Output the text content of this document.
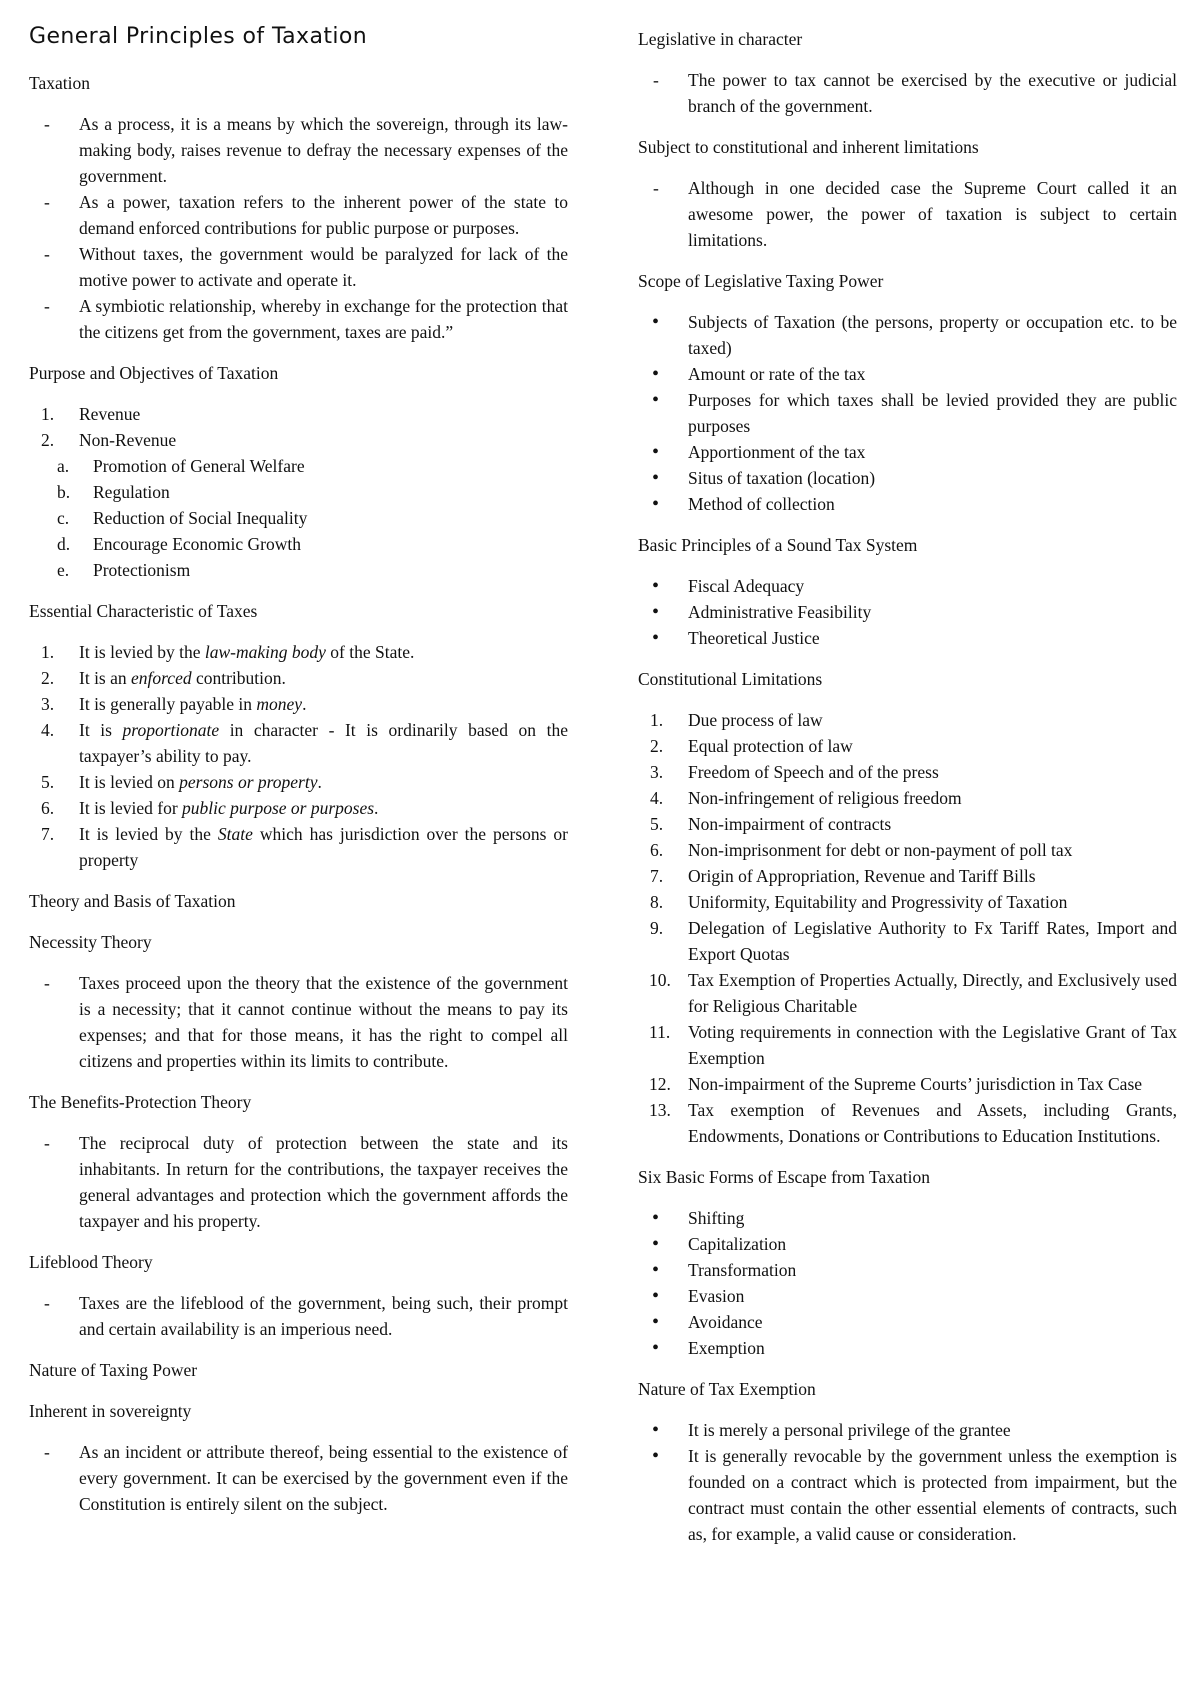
General Principles of Taxation

Taxation

-	As a process, it is a means by which the sovereign, through its law-making body, raises revenue to defray the necessary expenses of the government.
-	As a power, taxation refers to the inherent power of the state to demand enforced contributions for public purpose or purposes.
-	Without taxes, the government would be paralyzed for lack of the motive power to activate and operate it.
-	A symbiotic relationship, whereby in exchange for the protection that the citizens get from the government, taxes are paid.”

Purpose and Objectives of Taxation

1.	Revenue
2.	Non-Revenue
a.	Promotion of General Welfare
b.	Regulation
c.	Reduction of Social Inequality
d.	Encourage Economic Growth
e.	Protectionism

Essential Characteristic of Taxes

1.	It is levied by the law-making body of the State.
2.	It is an enforced contribution.
3.	It is generally payable in money.
4.	It is proportionate in character - It is ordinarily based on the taxpayer’s ability to pay.
5.	It is levied on persons or property.
6.	It is levied for public purpose or purposes.
7.	It is levied by the State which has jurisdiction over the persons or property

Theory and Basis of Taxation

Necessity Theory

-	Taxes proceed upon the theory that the existence of the government is a necessity; that it cannot continue without the means to pay its expenses; and that for those means, it has the right to compel all citizens and properties within its limits to contribute.

The Benefits-Protection Theory

-	The reciprocal duty of protection between the state and its inhabitants. In return for the contributions, the taxpayer receives the general advantages and protection which the government affords the taxpayer and his property.

Lifeblood Theory

-	Taxes are the lifeblood of the government, being such, their prompt and certain availability is an imperious need.

Nature of Taxing Power

Inherent in sovereignty

-	As an incident or attribute thereof, being essential to the existence of every government. It can be exercised by the government even if the Constitution is entirely silent on the subject.

Legislative in character

-	The power to tax cannot be exercised by the executive or judicial branch of the government.

Subject to constitutional and inherent limitations

-	Although in one decided case the Supreme Court called it an awesome power, the power of taxation is subject to certain limitations.

Scope of Legislative Taxing Power

•	Subjects of Taxation (the persons, property or occupation etc. to be taxed)
•	Amount or rate of the tax
•	Purposes for which taxes shall be levied provided they are public purposes
•	Apportionment of the tax
•	Situs of taxation (location)
•	Method of collection

Basic Principles of a Sound Tax System

•	Fiscal Adequacy
•	Administrative Feasibility
•	Theoretical Justice

Constitutional Limitations

1.	Due process of law
2.	Equal protection of law
3.	Freedom of Speech and of the press
4.	Non-infringement of religious freedom
5.	Non-impairment of contracts
6.	Non-imprisonment for debt or non-payment of poll tax
7.	Origin of Appropriation, Revenue and Tariff Bills
8.	Uniformity, Equitability and Progressivity of Taxation
9.	Delegation of Legislative Authority to Fx Tariff Rates, Import and Export Quotas
10. Tax Exemption of Properties Actually, Directly, and Exclusively used for Religious Charitable
11.	Voting requirements in connection with the Legislative Grant of Tax Exemption
12. Non-impairment of the Supreme Courts’ jurisdiction in Tax Case
13. Tax exemption of Revenues and Assets, including Grants, Endowments, Donations or Contributions to Education Institutions.

Six Basic Forms of Escape from Taxation

•	Shifting
•	Capitalization
•	Transformation
•	Evasion
•	Avoidance
•	Exemption

Nature of Tax Exemption

•	It is merely a personal privilege of the grantee
•	It is generally revocable by the government unless the exemption is founded on a contract which is protected from impairment, but the contract must contain the other essential elements of contracts, such as, for example, a valid cause or consideration.
